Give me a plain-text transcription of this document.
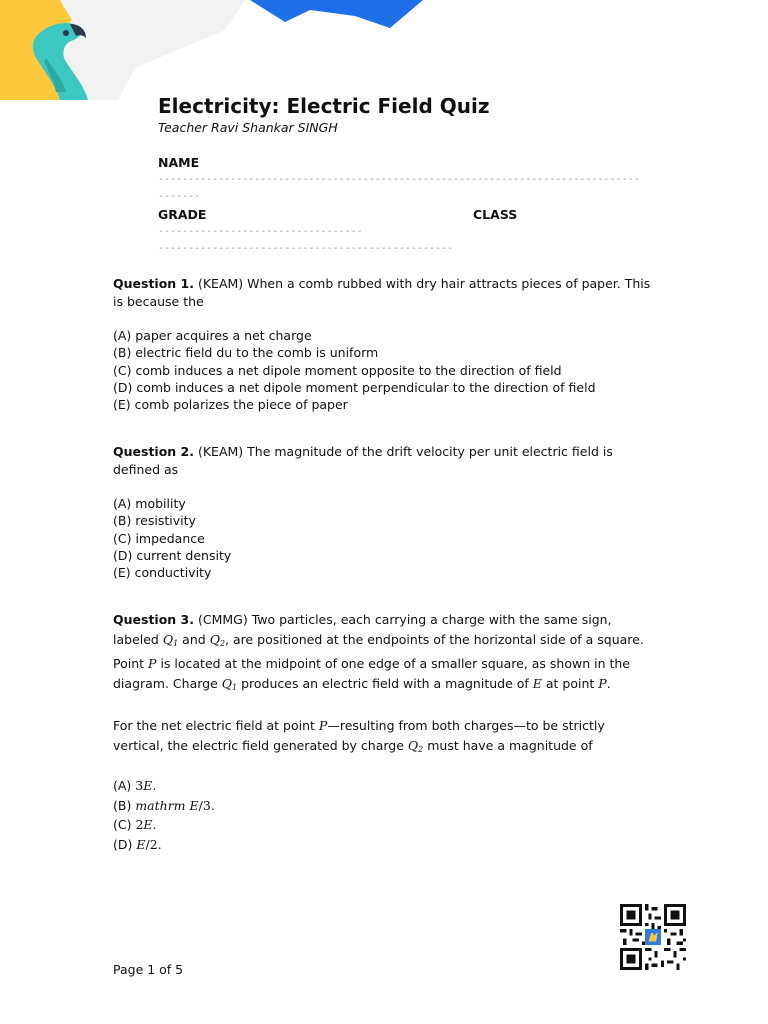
Electricity: Electric Field Quiz
Teacher Ravi Shankar SINGH
NAME
--------------------------------------------------------------------------------
-------
GRADE	CLASS
----------------------------------
-------------------------------------------------

Question 1. (KEAM) When a comb rubbed with dry hair attracts pieces of paper. This is because the

(A) paper acquires a net charge
(B) electric field du to the comb is uniform
(C) comb induces a net dipole moment opposite to the direction of field
(D) comb induces a net dipole moment perpendicular to the direction of field
(E) comb polarizes the piece of paper

Question 2. (KEAM) The magnitude of the drift velocity per unit electric field is defined as

(A) mobility
(B) resistivity
(C) impedance
(D) current density
(E) conductivity

Question 3. (CMMG) Two particles, each carrying a charge with the same sign, labeled $Q_1$ and $Q_2$, are positioned at the endpoints of the horizontal side of a square. Point P is located at the midpoint of one edge of a smaller square, as shown in the diagram. Charge $Q_1$ produces an electric field with a magnitude of E at point P.

For the net electric field at point P—resulting from both charges—to be strictly vertical, the electric field generated by charge $Q_2$ must have a magnitude of

(A) 3E.
(B) mathrm E/3.
(C) 2E.
(D) E/2.
Page 1 of 5
